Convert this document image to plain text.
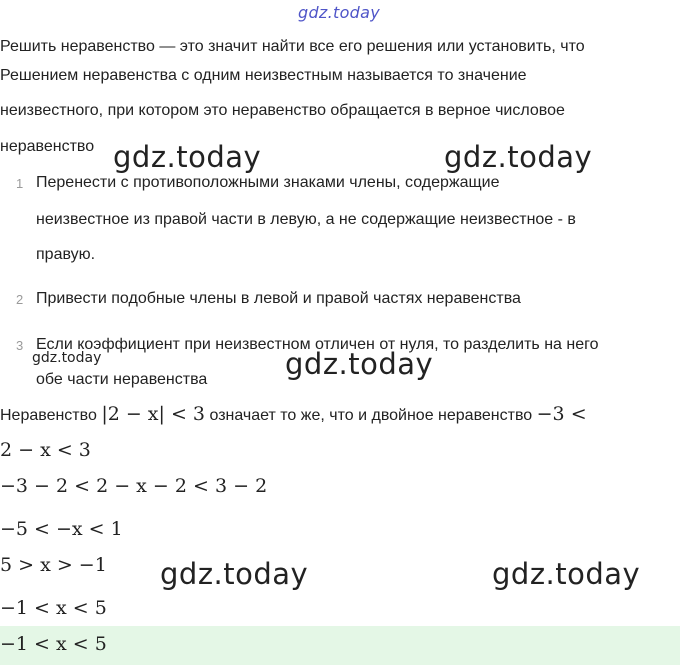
gdz.today
Решить неравенство — это значит найти все его решения или установить, что
Решением неравенства с одним неизвестным называется то значение
неизвестного, при котором это неравенство обращается в верное числовое
неравенство gdz.today	gdz.today
1 Перенести с противоположными знаками члены, содержащие
неизвестное из правой части в левую, а не содержащие неизвестное - в
правую.
2 Привести подобные члены в левой и правой частях неравенства
3 Если коэффициент при неизвестном отличен от нуля, то разделить на него
обе части неравенства
gdz.today	gdz.today
Неравенство |2 − x| < 3 означает то же, что и двойное неравенство −3 <
2 − x < 3
−3 − 2 < 2 − x − 2 < 3 − 2
−5 < −x < 1
5 > x > −1 gdz.today	gdz.today
−1 < x < 5
−1 < x < 5
